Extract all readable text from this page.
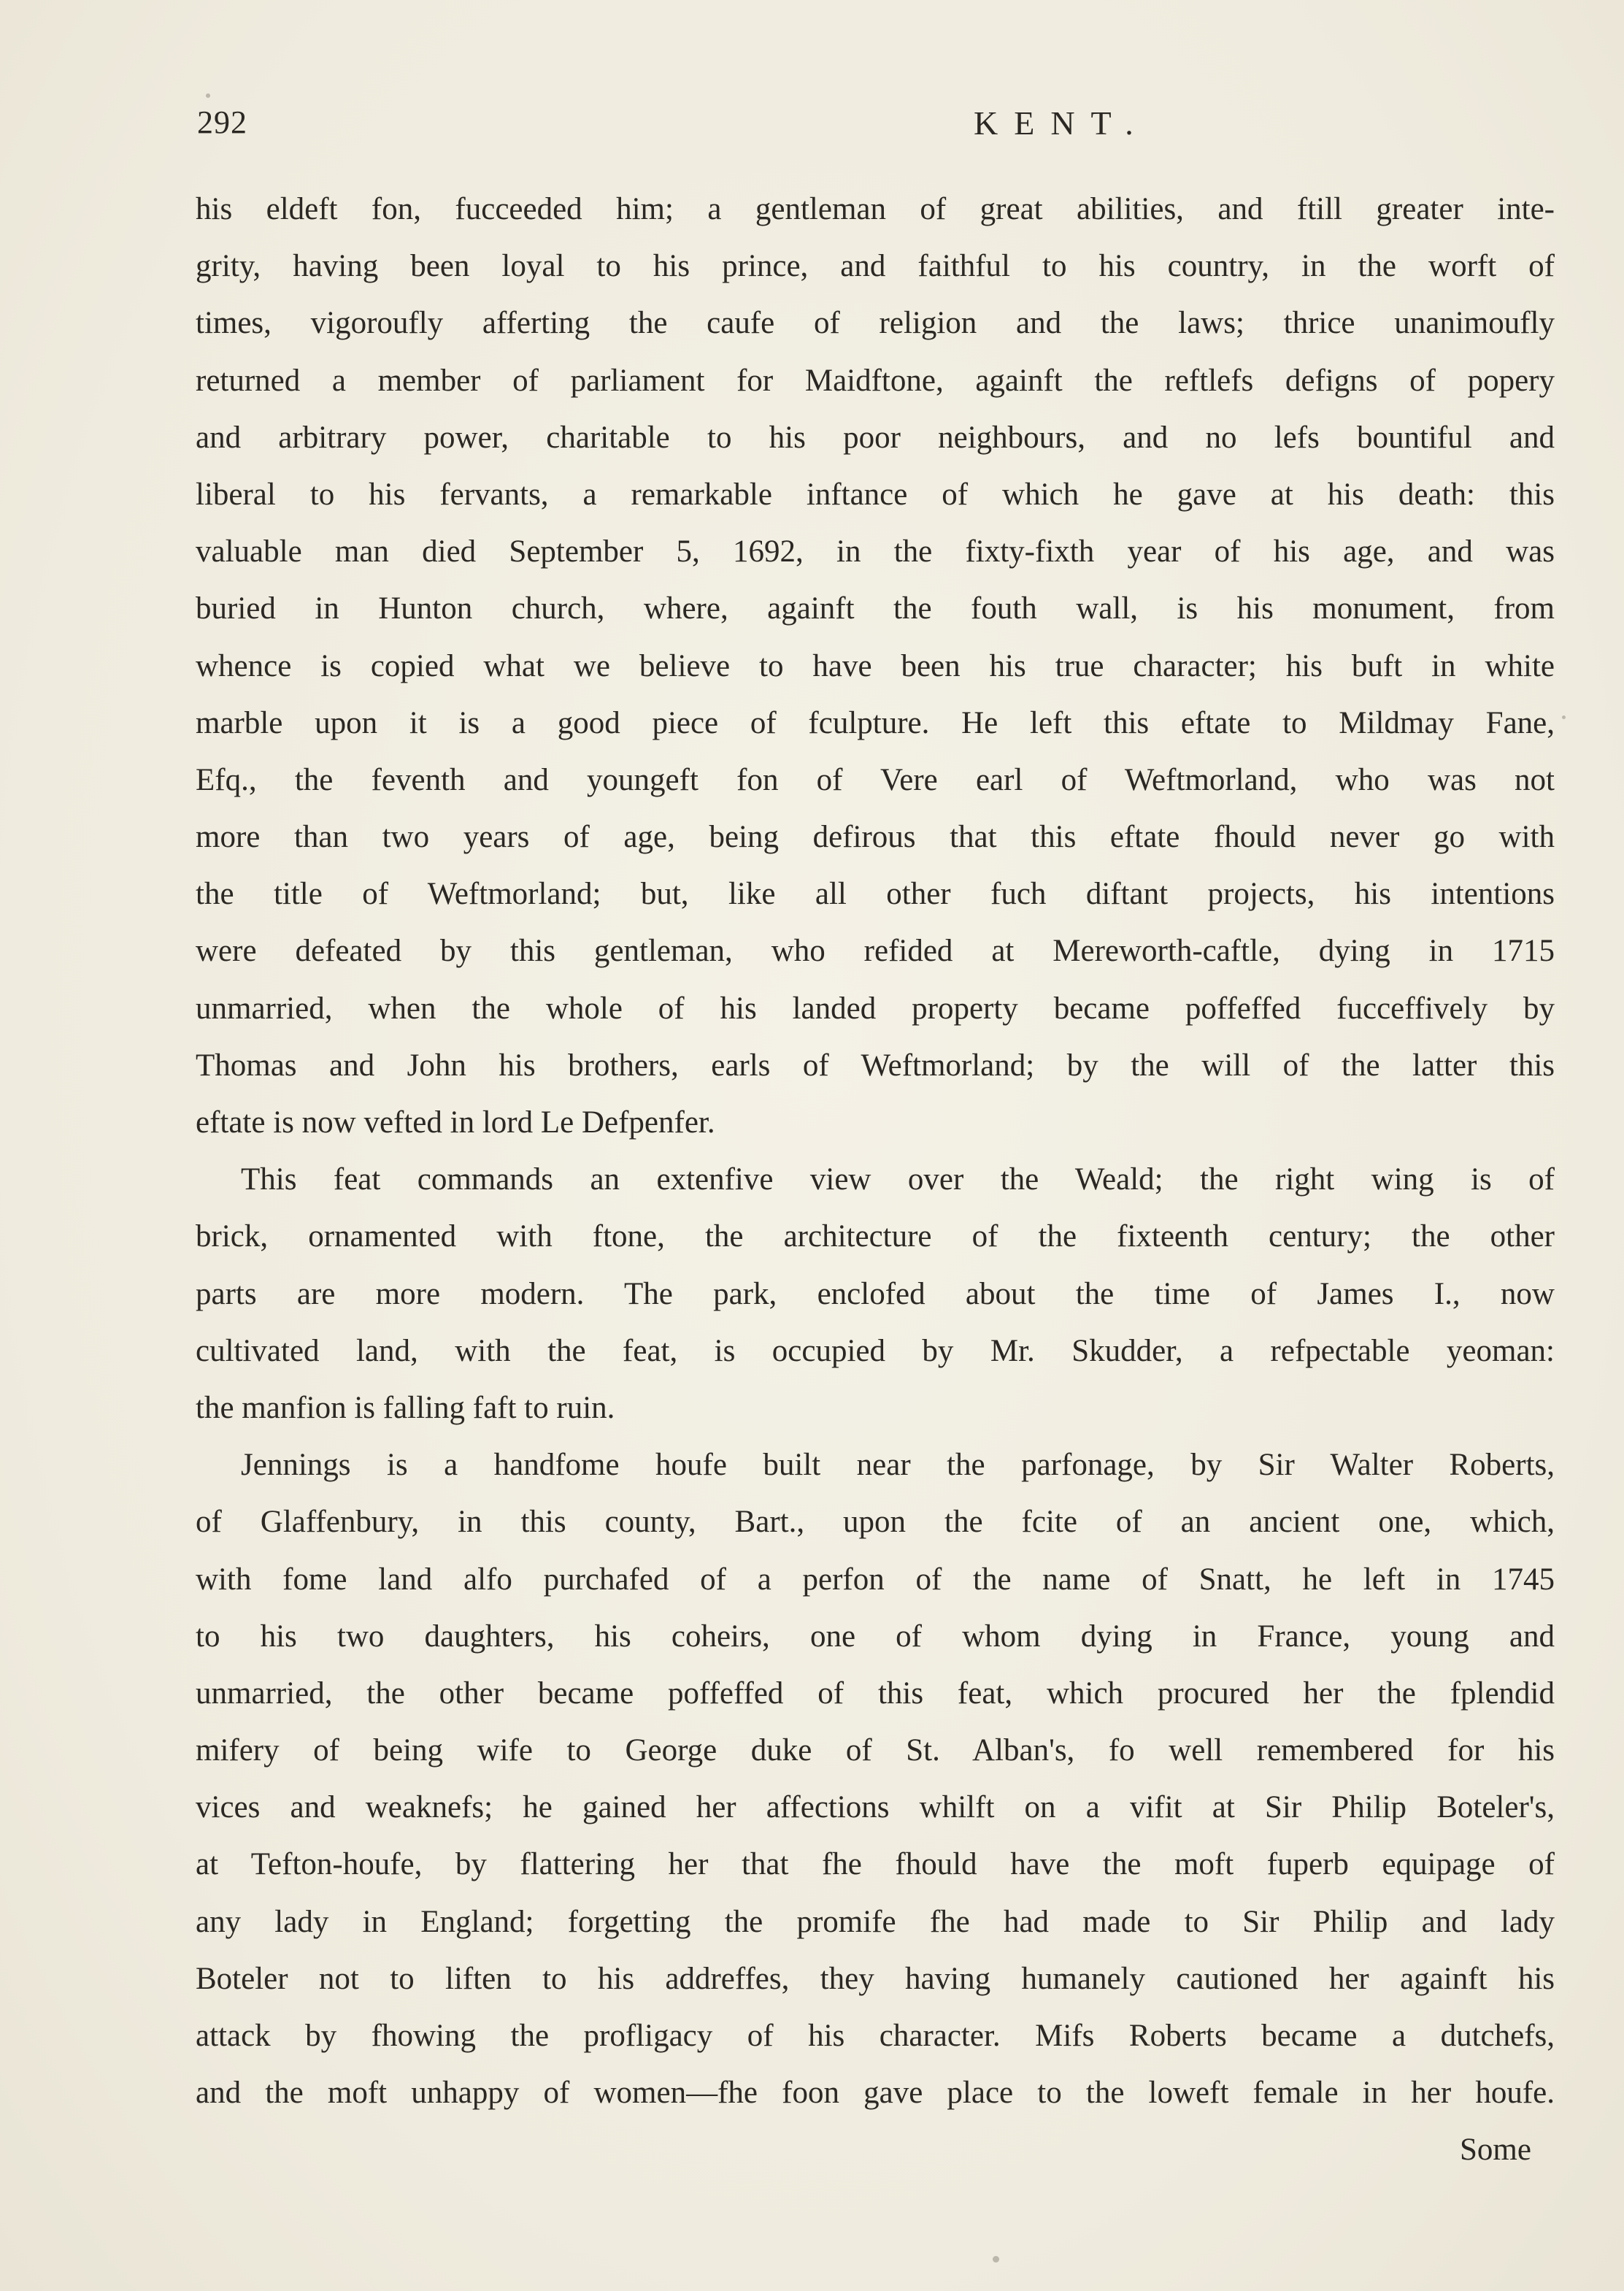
292	KENT.
his eldeft fon, fucceeded him; a gentleman of great abilities, and ftill greater inte-
grity, having been loyal to his prince, and faithful to his country, in the worft of
times, vigoroufly afferting the caufe of religion and the laws; thrice unanimoufly
returned a member of parliament for Maidftone, againft the reftlefs defigns of popery
and arbitrary power, charitable to his poor neighbours, and no lefs bountiful and
liberal to his fervants, a remarkable inftance of which he gave at his death: this
valuable man died September 5, 1692, in the fixty-fixth year of his age, and was
buried in Hunton church, where, againft the fouth wall, is his monument, from
whence is copied what we believe to have been his true character; his buft in white
marble upon it is a good piece of fculpture. He left this eftate to Mildmay Fane,
Efq., the feventh and youngeft fon of Vere earl of Weftmorland, who was not
more than two years of age, being defirous that this eftate fhould never go with
the title of Weftmorland; but, like all other fuch diftant projects, his intentions
were defeated by this gentleman, who refided at Mereworth-caftle, dying in 1715
unmarried, when the whole of his landed property became poffeffed fucceffively by
Thomas and John his brothers, earls of Weftmorland; by the will of the latter this
eftate is now vefted in lord Le Defpenfer.
This feat commands an extenfive view over the Weald; the right wing is of
brick, ornamented with ftone, the architecture of the fixteenth century; the other
parts are more modern. The park, enclofed about the time of James I., now
cultivated land, with the feat, is occupied by Mr. Skudder, a refpectable yeoman:
the manfion is falling faft to ruin.
Jennings is a handfome houfe built near the parfonage, by Sir Walter Roberts,
of Glaffenbury, in this county, Bart., upon the fcite of an ancient one, which,
with fome land alfo purchafed of a perfon of the name of Snatt, he left in 1745
to his two daughters, his coheirs, one of whom dying in France, young and
unmarried, the other became poffeffed of this feat, which procured her the fplendid
mifery of being wife to George duke of St. Alban's, fo well remembered for his
vices and weaknefs; he gained her affections whilft on a vifit at Sir Philip Boteler's,
at Tefton-houfe, by flattering her that fhe fhould have the moft fuperb equipage of
any lady in England; forgetting the promife fhe had made to Sir Philip and lady
Boteler not to liften to his addreffes, they having humanely cautioned her againft his
attack by fhowing the profligacy of his character. Mifs Roberts became a dutchefs,
and the moft unhappy of women—fhe foon gave place to the loweft female in her houfe.
Some
